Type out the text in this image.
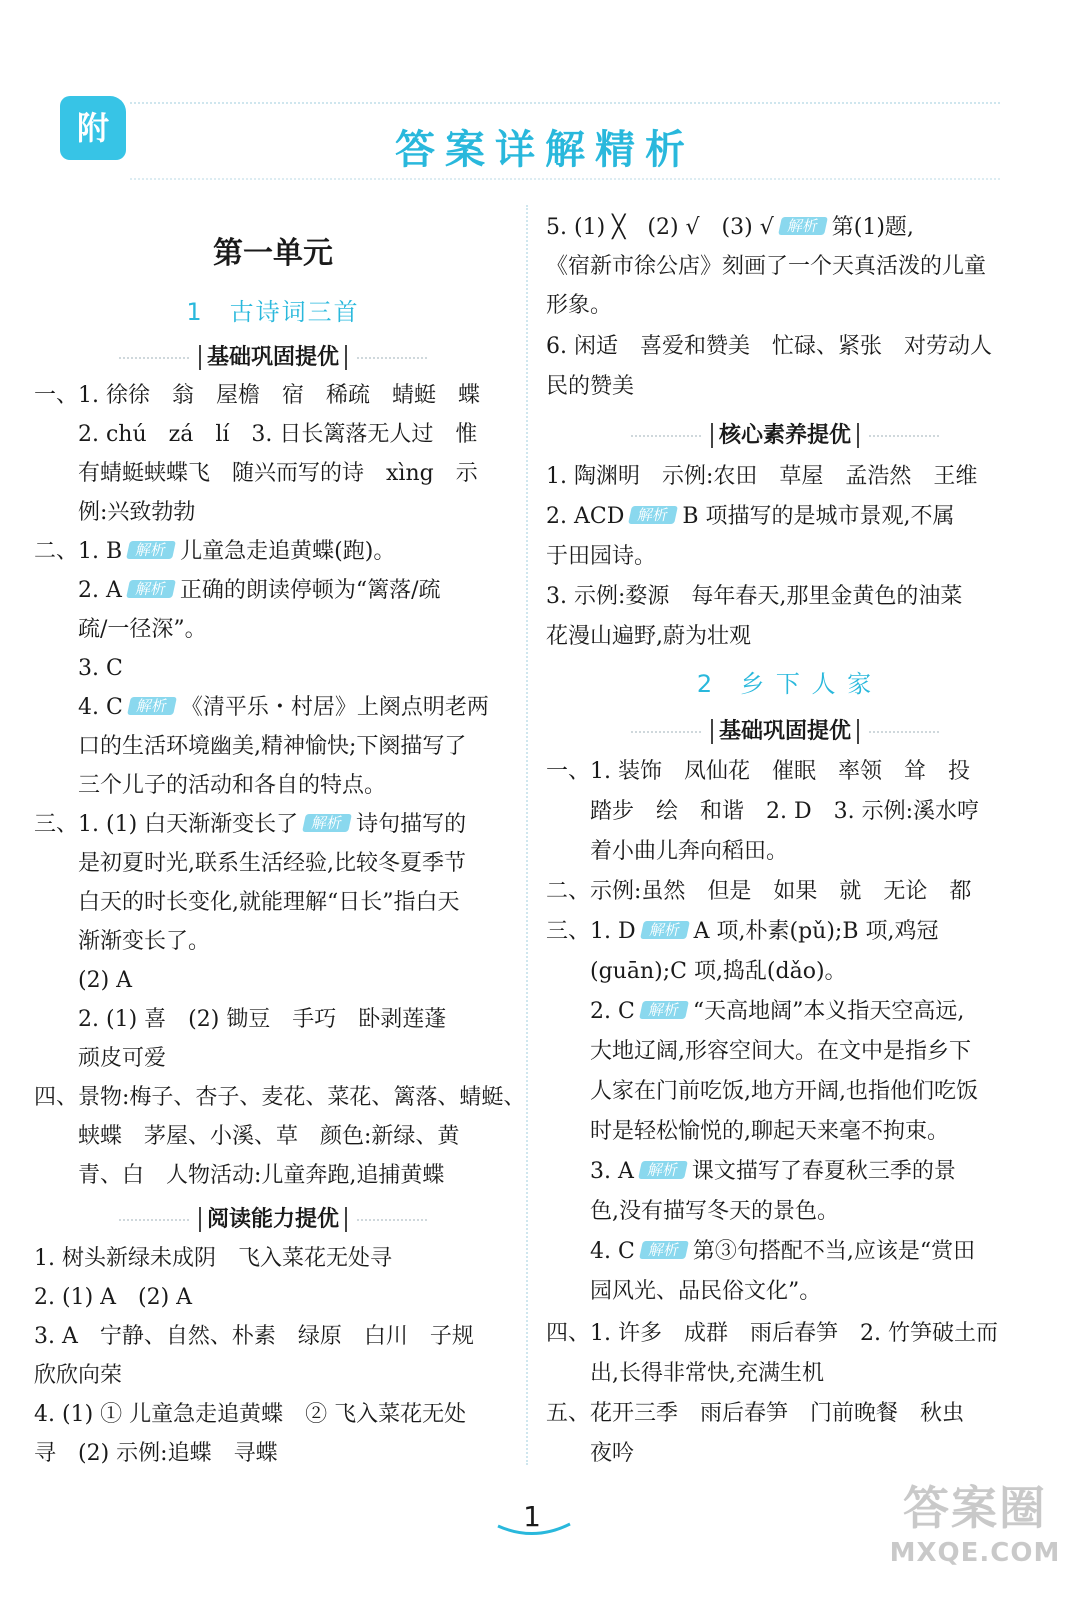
附	答案详解精析
第一单元
1　古诗词三首
基础巩固提优
一、1. 徐徐　翁　屋檐　宿　稀疏　蜻蜓　蝶
2. chú　zá　lí　3. 日长篱落无人过　惟
有蜻蜓蛱蝶飞　随兴而写的诗　xìng　示
例:兴致勃勃
二、1. B 解析 儿童急走追黄蝶(跑)。
2. A 解析 正确的朗读停顿为“篱落/疏
疏/一径深”。
3. C
4. C 解析 《清平乐・村居》上阕点明老两
口的生活环境幽美,精神愉快;下阕描写了
三个儿子的活动和各自的特点。
三、1. (1) 白天渐渐变长了 解析 诗句描写的
是初夏时光,联系生活经验,比较冬夏季节
白天的时长变化,就能理解“日长”指白天
渐渐变长了。
(2) A
2. (1) 喜　(2) 锄豆　手巧　卧剥莲蓬
顽皮可爱
四、景物:梅子、杏子、麦花、菜花、篱落、蜻蜓、
蛱蝶　茅屋、小溪、草　颜色:新绿、黄
青、白　人物活动:儿童奔跑,追捕黄蝶
阅读能力提优
1. 树头新绿未成阴　飞入菜花无处寻
2. (1) A　(2) A
3. A　宁静、自然、朴素　绿原　白川　子规
欣欣向荣
4. (1) ① 儿童急走追黄蝶　② 飞入菜花无处
寻　(2) 示例:追蝶　寻蝶
5. (1) ╳　(2) √　(3) √ 解析 第(1)题,
《宿新市徐公店》刻画了一个天真活泼的儿童
形象。
6. 闲适　喜爱和赞美　忙碌、紧张　对劳动人
民的赞美
核心素养提优
1. 陶渊明　示例:农田　草屋　孟浩然　王维
2. ACD 解析 B 项描写的是城市景观,不属
于田园诗。
3. 示例:婺源　每年春天,那里金黄色的油菜
花漫山遍野,蔚为壮观
2　乡 下 人 家
基础巩固提优
一、1. 装饰　凤仙花　催眠　率领　耸　投
踏步　绘　和谐　2. D　3. 示例:溪水哼
着小曲儿奔向稻田。
二、示例:虽然　但是　如果　就　无论　都
三、1. D 解析 A 项,朴素(pǔ);B 项,鸡冠
(guān);C 项,捣乱(dǎo)。
2. C 解析 “天高地阔”本义指天空高远,
大地辽阔,形容空间大。在文中是指乡下
人家在门前吃饭,地方开阔,也指他们吃饭
时是轻松愉悦的,聊起天来毫不拘束。
3. A 解析 课文描写了春夏秋三季的景
色,没有描写冬天的景色。
4. C 解析 第③句搭配不当,应该是“赏田
园风光、品民俗文化”。
四、1. 许多　成群　雨后春笋　2. 竹笋破土而
出,长得非常快,充满生机
五、花开三季　雨后春笋　门前晚餐　秋虫
夜吟
1	答案圈
MXQE.COM
